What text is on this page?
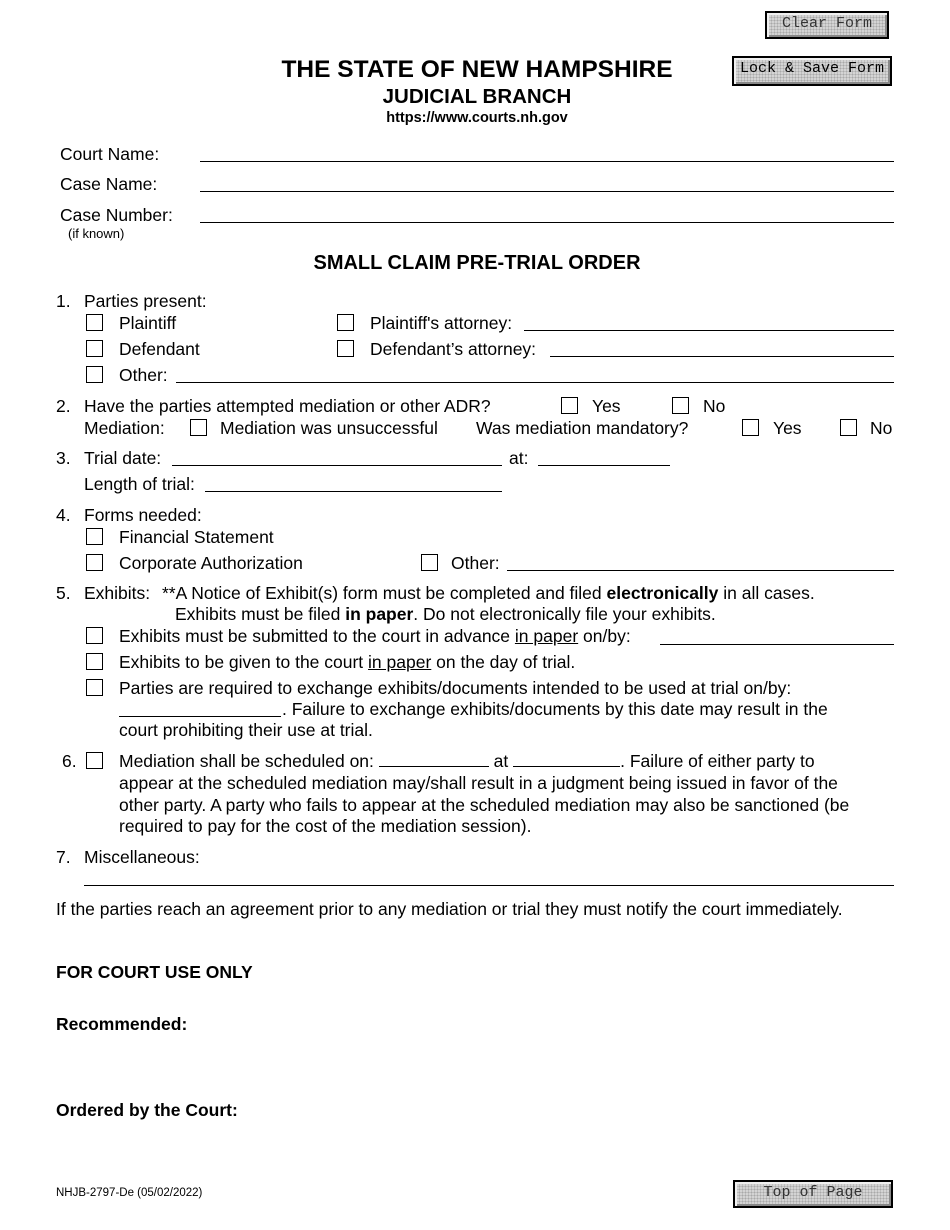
Clear Form
Lock & Save Form
THE STATE OF NEW HAMPSHIRE
JUDICIAL BRANCH
https://www.courts.nh.gov
Court Name:
Case Name:
Case Number:
(if known)
SMALL CLAIM PRE-TRIAL ORDER
1. Parties present:
Plaintiff	Plaintiff's attorney:
Defendant	Defendant’s attorney:
Other:
2. Have the parties attempted mediation or other ADR?	Yes	No
Mediation:	Mediation was unsuccessful Was mediation mandatory?	Yes	No
3. Trial date:	at:
Length of trial:
4. Forms needed:
Financial Statement
Corporate Authorization	Other:
5. Exhibits: **A Notice of Exhibit(s) form must be completed and filed electronically in all cases.
Exhibits must be filed in paper. Do not electronically file your exhibits.
Exhibits must be submitted to the court in advance in paper on/by:
Exhibits to be given to the court in paper on the day of trial.
Parties are required to exchange exhibits/documents intended to be used at trial on/by:
. Failure to exchange exhibits/documents by this date may result in the
court prohibiting their use at trial.
6. Mediation shall be scheduled on:	at	. Failure of either party to
appear at the scheduled mediation may/shall result in a judgment being issued in favor of the
other party. A party who fails to appear at the scheduled mediation may also be sanctioned (be
required to pay for the cost of the mediation session).
7. Miscellaneous:
If the parties reach an agreement prior to any mediation or trial they must notify the court immediately.
FOR COURT USE ONLY
Recommended:
Ordered by the Court:
NHJB-2797-De (05/02/2022)	Top of Page
